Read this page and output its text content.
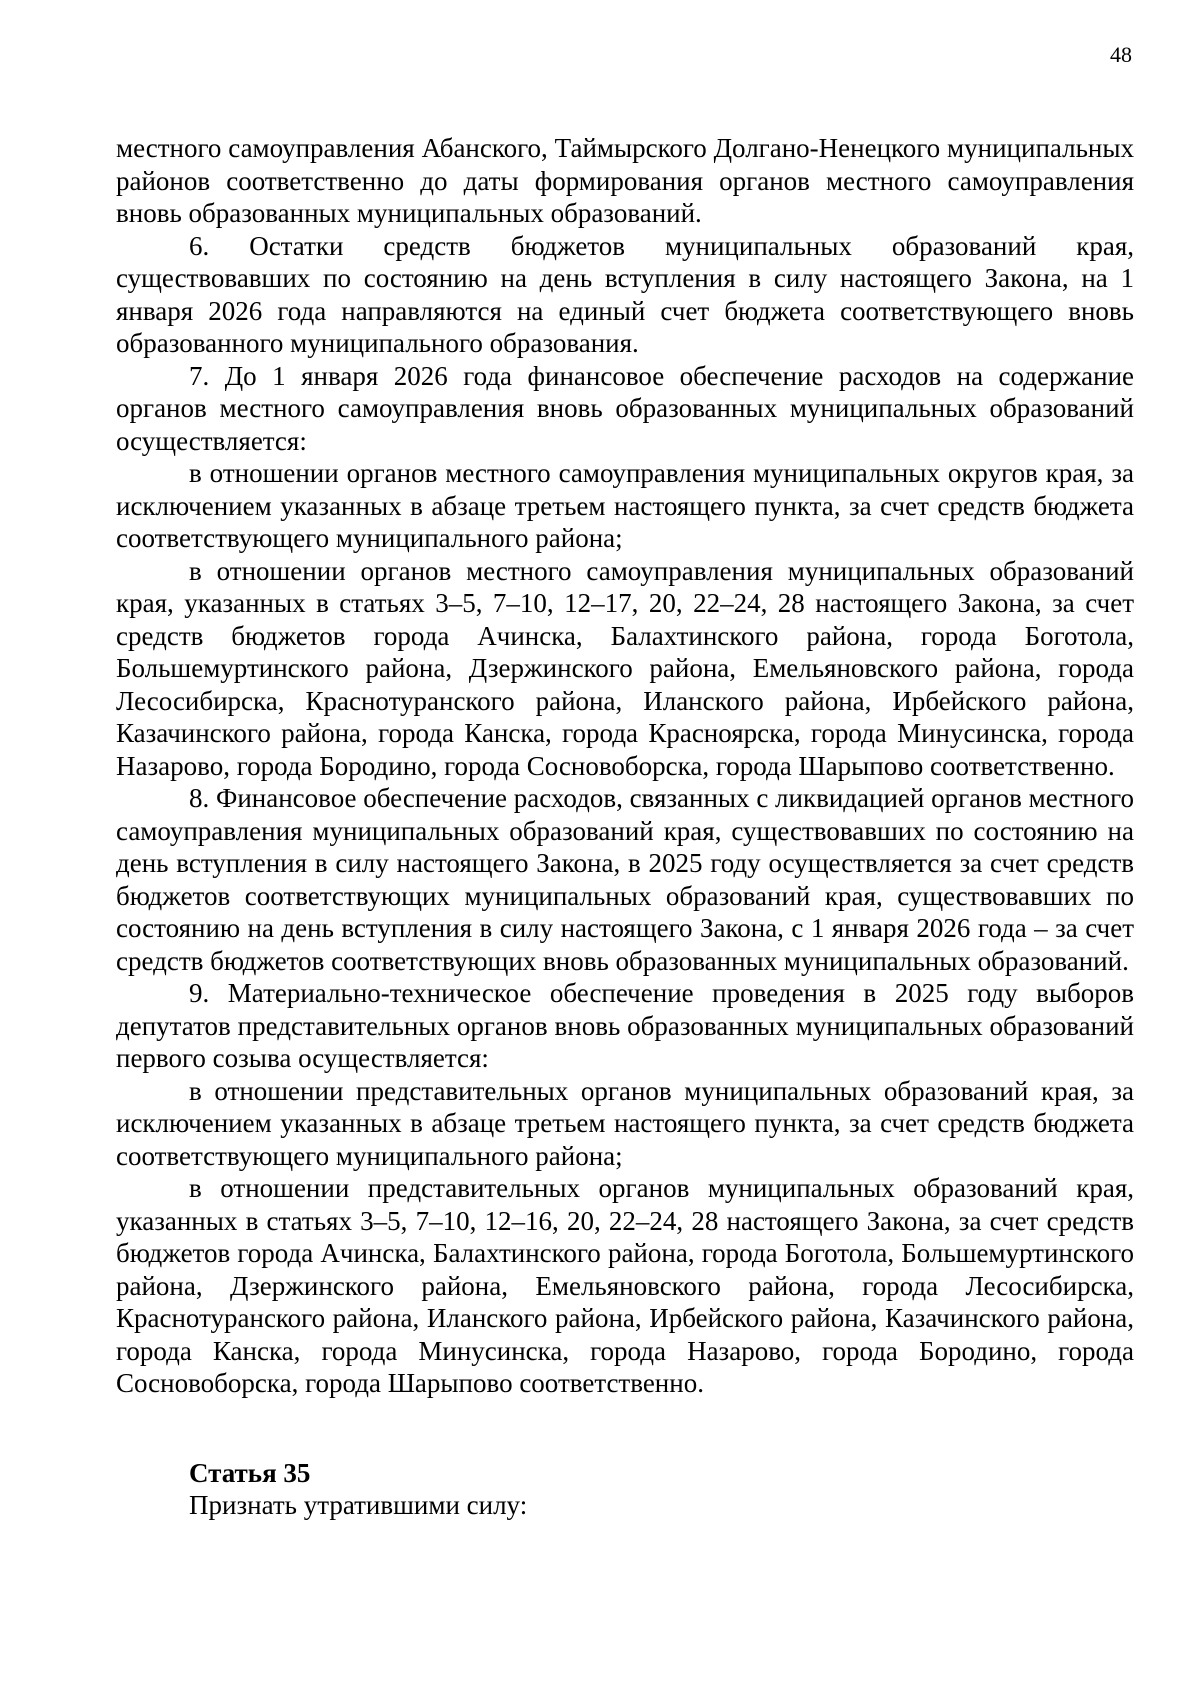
48

местного самоуправления Абанского, Таймырского Долгано-Ненецкого муниципальных районов соответственно до даты формирования органов местного самоуправления вновь образованных муниципальных образований.

6. Остатки средств бюджетов муниципальных образований края, существовавших по состоянию на день вступления в силу настоящего Закона, на 1 января 2026 года направляются на единый счет бюджета соответствующего вновь образованного муниципального образования.

7. До 1 января 2026 года финансовое обеспечение расходов на содержание органов местного самоуправления вновь образованных муниципальных образований осуществляется:

в отношении органов местного самоуправления муниципальных округов края, за исключением указанных в абзаце третьем настоящего пункта, за счет средств бюджета соответствующего муниципального района;

в отношении органов местного самоуправления муниципальных образований края, указанных в статьях 3–5, 7–10, 12–17, 20, 22–24, 28 настоящего Закона, за счет средств бюджетов города Ачинска, Балахтинского района, города Боготола, Большемуртинского района, Дзержинского района, Емельяновского района, города Лесосибирска, Краснотуранского района, Иланского района, Ирбейского района, Казачинского района, города Канска, города Красноярска, города Минусинска, города Назарово, города Бородино, города Сосновоборска, города Шарыпово соответственно.

8. Финансовое обеспечение расходов, связанных с ликвидацией органов местного самоуправления муниципальных образований края, существовавших по состоянию на день вступления в силу настоящего Закона, в 2025 году осуществляется за счет средств бюджетов соответствующих муниципальных образований края, существовавших по состоянию на день вступления в силу настоящего Закона, с 1 января 2026 года – за счет средств бюджетов соответствующих вновь образованных муниципальных образований.

9. Материально-техническое обеспечение проведения в 2025 году выборов депутатов представительных органов вновь образованных муниципальных образований первого созыва осуществляется:

в отношении представительных органов муниципальных образований края, за исключением указанных в абзаце третьем настоящего пункта, за счет средств бюджета соответствующего муниципального района;

в отношении представительных органов муниципальных образований края, указанных в статьях 3–5, 7–10, 12–16, 20, 22–24, 28 настоящего Закона, за счет средств бюджетов города Ачинска, Балахтинского района, города Боготола, Большемуртинского района, Дзержинского района, Емельяновского района, города Лесосибирска, Краснотуранского района, Иланского района, Ирбейского района, Казачинского района, города Канска, города Минусинска, города Назарово, города Бородино, города Сосновоборска, города Шарыпово соответственно.

Статья 35

Признать утратившими силу:
